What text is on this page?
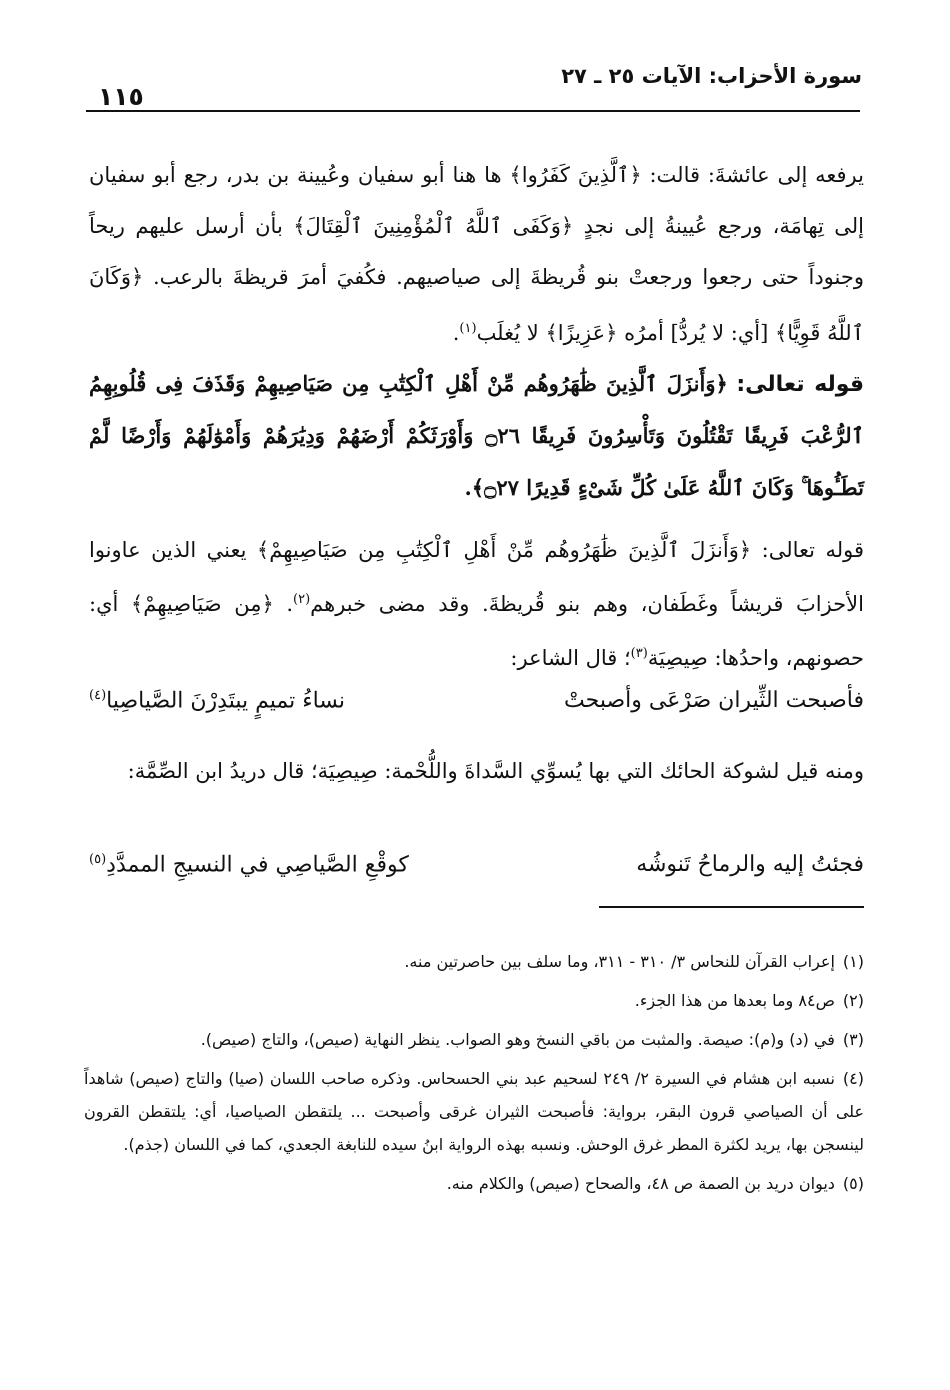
سورة الأحزاب: الآيات ٢٥ ـ ٢٧
١١٥

يرفعه إلى عائشةَ: قالت: ﴿ٱلَّذِينَ كَفَرُوا﴾ ها هنا أبو سفيان وعُيينة بن بدر، رجع أبو سفيان إلى تِهامَة، ورجع عُيينةُ إلى نجدٍ ﴿وَكَفَى ٱللَّهُ ٱلْمُؤْمِنِينَ ٱلْقِتَالَ﴾ بأن أرسل عليهم ريحاً وجنوداً حتى رجعوا ورجعتْ بنو قُريظةَ إلى صياصيهم. فكُفيَ أمرَ قريظةَ بالرعب. ﴿وَكَانَ ٱللَّهُ قَوِيًّا﴾ [أي: لا يُردُّ] أمرُه ﴿عَزِيزًا﴾ لا يُغلَب$^{(١)}$.

قوله تعالى: ﴿وَأَنزَلَ ٱلَّذِينَ ظَٰهَرُوهُم مِّنْ أَهْلِ ٱلْكِتَٰبِ مِن صَيَاصِيهِمْ وَقَذَفَ فِى قُلُوبِهِمُ ٱلرُّعْبَ فَرِيقًا تَقْتُلُونَ وَتَأْسِرُونَ فَرِيقًا ۝٢٦ وَأَوْرَثَكُمْ أَرْضَهُمْ وَدِيَٰرَهُمْ وَأَمْوَٰلَهُمْ وَأَرْضًا لَّمْ تَطَـُٔوهَا ۚ وَكَانَ ٱللَّهُ عَلَىٰ كُلِّ شَىْءٍ قَدِيرًا ۝٢٧﴾.
قوله تعالى: ﴿وَأَنزَلَ ٱلَّذِينَ ظَٰهَرُوهُم مِّنْ أَهْلِ ٱلْكِتَٰبِ مِن صَيَاصِيهِمْ﴾ يعني الذين عاونوا الأحزابَ قريشاً وغَطَفان، وهم بنو قُريظةَ. وقد مضى خبرهم$^{(٢)}$. ﴿مِن صَيَاصِيهِمْ﴾ أي: حصونهم، واحدُها: صِيصِيَة$^{(٣)}$؛ قال الشاعر:
فأصبحت الثِّيران صَرْعَى وأصبحتْ
نساءُ تميمٍ يبتَدِرْنَ الصَّياصِيا$^{(٤)}$
ومنه قيل لشوكة الحائك التي بها يُسوِّي السَّداةَ واللُّحْمة: صِيصِيَة؛ قال دريدُ ابن الصِّمَّة:
فجئتُ إليه والرماحُ تَنوشُه
كوقْعِ الصَّياصِي في النسيجِ الممدَّدِ$^{(٥)}$

(١)إعراب القرآن للنحاس ٣/ ٣١٠ - ٣١١، وما سلف بين حاصرتين منه.

(٢)ص٨٤ وما بعدها من هذا الجزء.

(٣)في (د) و(م): صيصة. والمثبت من باقي النسخ وهو الصواب. ينظر النهاية (صيص)، والتاج (صيص).

(٤)نسبه ابن هشام في السيرة ٢/ ٢٤٩ لسحيم عبد بني الحسحاس. وذكره صاحب اللسان (صيا) والتاج (صيص) شاهداً على أن الصياصي قرون البقر، برواية: فأصبحت الثيران غرقى وأصبحت ... يلتقطن الصياصيا، أي: يلتقطن القرون لينسجن بها، يريد لكثرة المطر غرق الوحش. ونسبه بهذه الرواية ابنُ سيده للنابغة الجعدي، كما في اللسان (جذم).

(٥)ديوان دريد بن الصمة ص ٤٨، والصحاح (صيص) والكلام منه.
